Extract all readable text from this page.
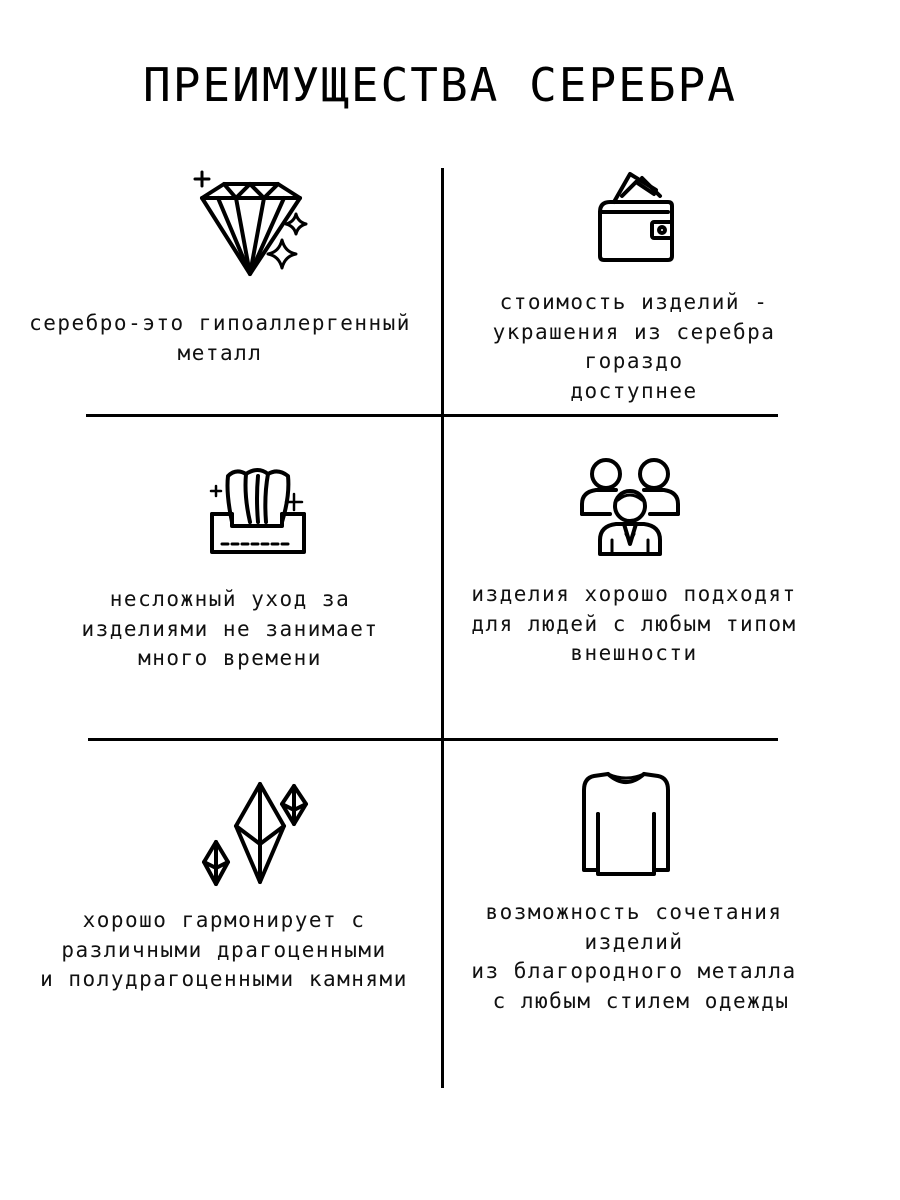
ПРЕИМУЩЕСТВА СЕРЕБРА
серебро-это гипоаллергенный
металл
стоимость изделий -
украшения из серебра
гораздо
доступнее
несложный уход за
изделиями не занимает
много времени
изделия хорошо подходят
для людей с любым типом
внешности
хорошо гармонирует с
различными драгоценными
и полудрагоценными камнями
возможность сочетания
изделий
из благородного металла
с любым стилем одежды
